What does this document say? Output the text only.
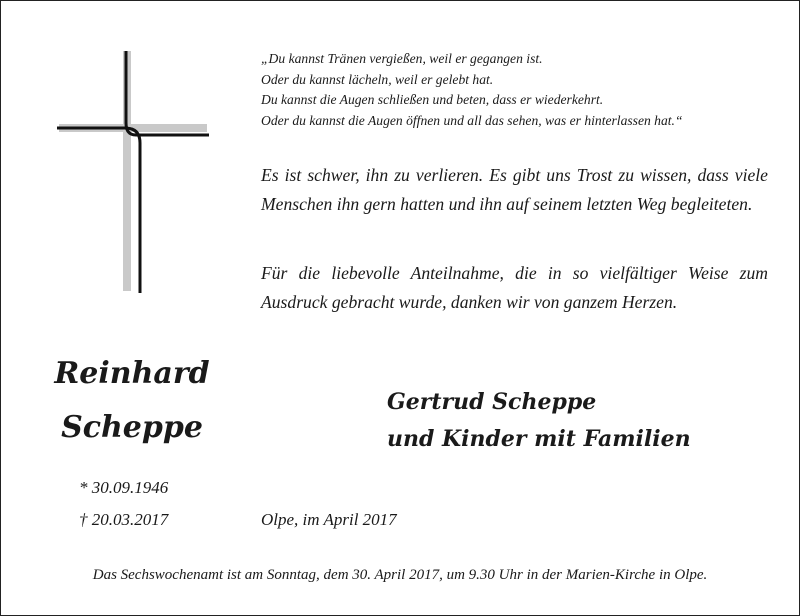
„Du kannst Tränen vergießen, weil er gegangen ist.
Oder du kannst lächeln, weil er gelebt hat.
Du kannst die Augen schließen und beten, dass er wiederkehrt.
Oder du kannst die Augen öffnen und all das sehen, was er hinterlassen hat.“
Es ist schwer, ihn zu verlieren. Es gibt uns Trost zu wissen, dass viele Menschen ihn gern hatten und ihn auf seinem letzten Weg begleiteten.
Für die liebevolle Anteilnahme, die in so vielfältiger Weise zum Ausdruck gebracht wurde, danken wir von ganzem Herzen.
Reinhard
Scheppe
Gertrud Scheppe
und Kinder mit Familien
* 30.09.1946
† 20.03.2017	Olpe, im April 2017
Das Sechswochenamt ist am Sonntag, dem 30. April 2017, um 9.30 Uhr in der Marien-Kirche in Olpe.
